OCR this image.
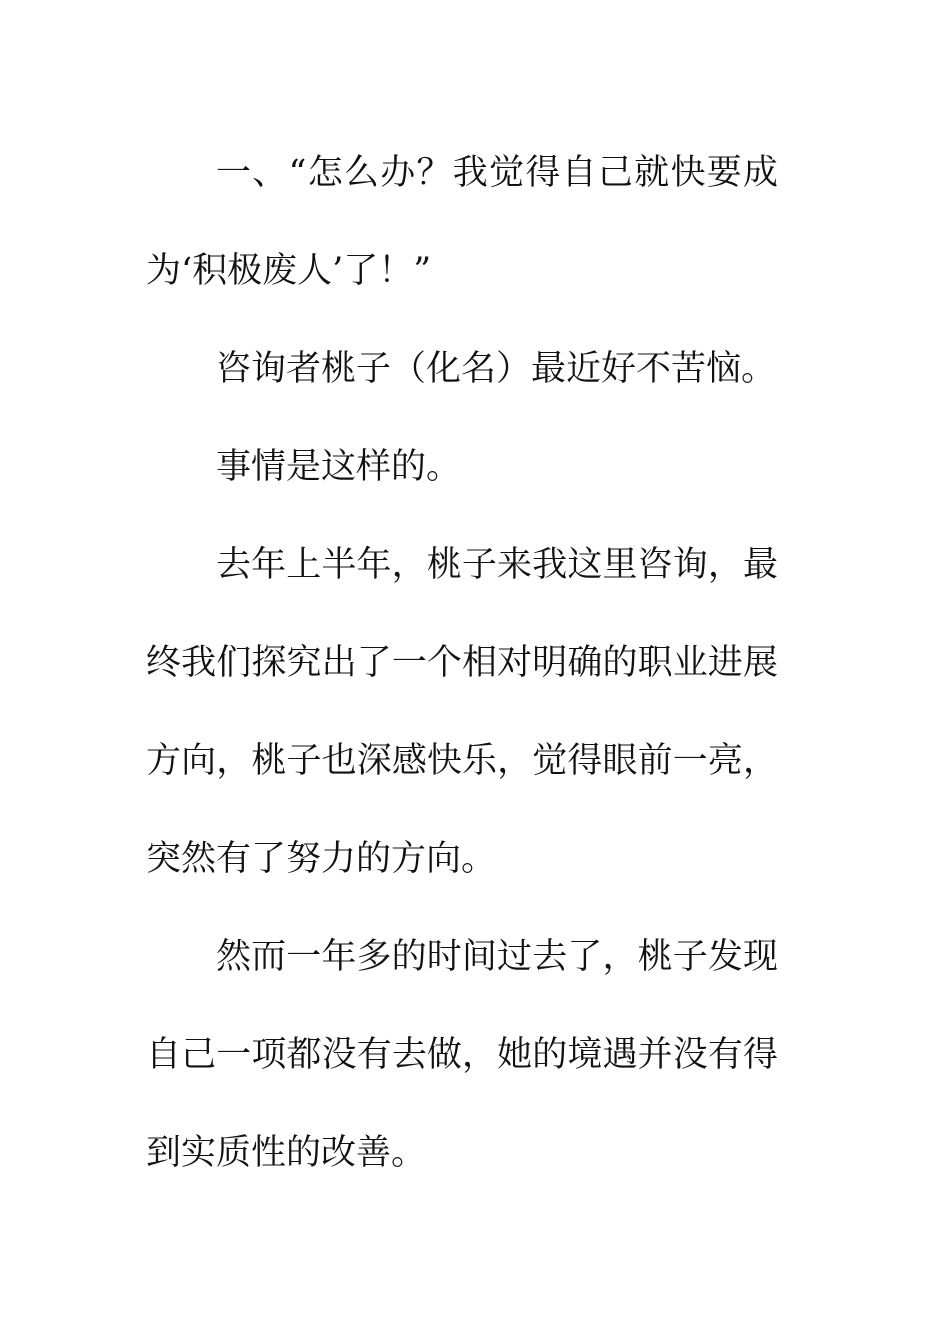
一、“怎么办？我觉得自己就快要成为‘积极废人’了！”

咨询者桃子（化名）最近好不苦恼。

事情是这样的。

去年上半年，桃子来我这里咨询，最终我们探究出了一个相对明确的职业进展方向，桃子也深感快乐，觉得眼前一亮，突然有了努力的方向。

然而一年多的时间过去了，桃子发现自己一项都没有去做，她的境遇并没有得到实质性的改善。
